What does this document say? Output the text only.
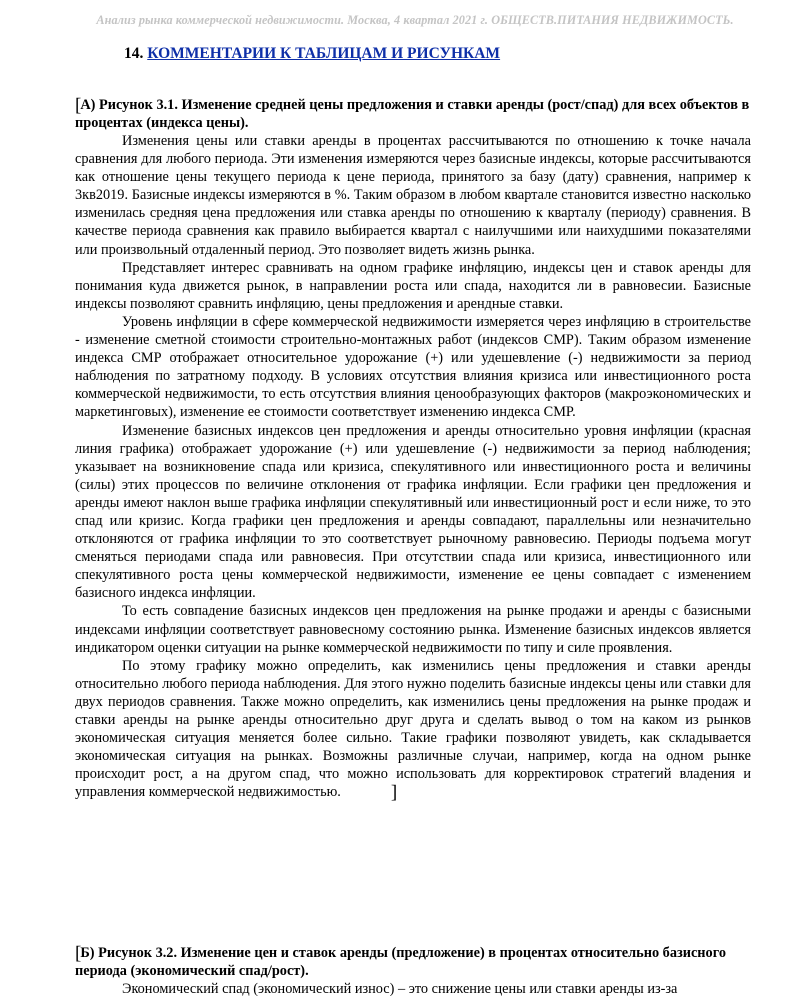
Анализ рынка коммерческой недвижимости. Москва, 4 квартал 2021 г. ОБЩЕСТВ.ПИТАНИЯ НЕДВИЖИМОСТЬ.
14. КОММЕНТАРИИ К ТАБЛИЦАМ И РИСУНКАМ

[А) Рисунок 3.1. Изменение средней цены предложения и ставки аренды (рост/спад) для всех объектов в процентах (индекса цены).

Изменения цены или ставки аренды в процентах рассчитываются по отношению к точке начала сравнения для любого периода. Эти изменения измеряются через базисные индексы, которые рассчитываются как отношение цены текущего периода к цене периода, принятого за базу (дату) сравнения, например к 3кв2019. Базисные индексы измеряются в %. Таким образом в любом квартале становится известно насколько изменилась средняя цена предложения или ставка аренды по отношению к кварталу (периоду) сравнения. В качестве периода сравнения как правило выбирается квартал с наилучшими или наихудшими показателями или произвольный отдаленный период. Это позволяет видеть жизнь рынка.

Представляет интерес сравнивать на одном графике инфляцию, индексы цен и ставок аренды для понимания куда движется рынок, в направлении роста или спада, находится ли в равновесии. Базисные индексы позволяют сравнить инфляцию, цены предложения и арендные ставки.

Уровень инфляции в сфере коммерческой недвижимости измеряется через инфляцию в строительстве - изменение сметной стоимости строительно-монтажных работ (индексов СМР). Таким образом изменение индекса СМР отображает относительное удорожание (+) или удешевление (-) недвижимости за период наблюдения по затратному подходу. В условиях отсутствия влияния кризиса или инвестиционного роста коммерческой недвижимости, то есть отсутствия влияния ценообразующих факторов (макроэкономических и маркетинговых), изменение ее стоимости соответствует изменению индекса СМР.

Изменение базисных индексов цен предложения и аренды относительно уровня инфляции (красная линия графика) отображает удорожание (+) или удешевление (-) недвижимости за период наблюдения; указывает на возникновение спада или кризиса, спекулятивного или инвестиционного роста и величины (силы) этих процессов по величине отклонения от графика инфляции. Если графики цен предложения и аренды имеют наклон выше графика инфляции спекулятивный или инвестиционный рост и если ниже, то это спад или кризис. Когда графики цен предложения и аренды совпадают, параллельны или незначительно отклоняются от графика инфляции то это соответствует рыночному равновесию. Периоды подъема могут сменяться периодами спада или равновесия. При отсутствии спада или кризиса, инвестиционного или спекулятивного роста цены коммерческой недвижимости, изменение ее цены совпадает с изменением базисного индекса инфляции.

То есть совпадение базисных индексов цен предложения на рынке продажи и аренды с базисными индексами инфляции соответствует равновесному состоянию рынка. Изменение базисных индексов является индикатором оценки ситуации на рынке коммерческой недвижимости по типу и силе проявления.

По этому графику можно определить, как изменились цены предложения и ставки аренды относительно любого периода наблюдения. Для этого нужно поделить базисные индексы цены или ставки для двух периодов сравнения. Также можно определить, как изменились цены предложения на рынке продаж и ставки аренды на рынке аренды относительно друг друга и сделать вывод о том на каком из рынков экономическая ситуация меняется более сильно. Такие графики позволяют увидеть, как складывается экономическая ситуация на рынках. Возможны различные случаи, например, когда на одном рынке происходит рост, а на другом спад, что можно использовать для корректировок стратегий владения и управления коммерческой недвижимостью.	]

[Б) Рисунок 3.2. Изменение цен и ставок аренды (предложение) в процентах относительно базисного периода (экономический спад/рост).

Экономический спад (экономический износ) – это снижение цены или ставки аренды из-за
